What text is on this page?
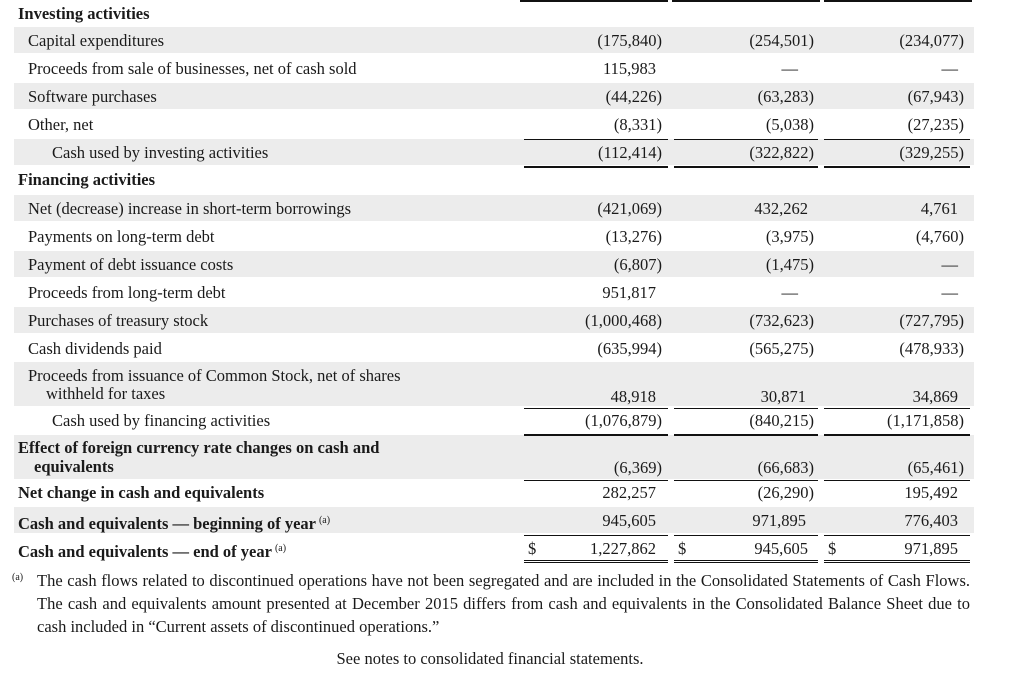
Investing activities
Capital expenditures	(175,840)	(254,501)	(234,077)
Proceeds from sale of businesses, net of cash sold	115,983	—	—
Software purchases	(44,226)	(63,283)	(67,943)
Other, net	(8,331)	(5,038)	(27,235)
Cash used by investing activities	(112,414)	(322,822)	(329,255)
Financing activities
Net (decrease) increase in short-term borrowings	(421,069)	432,262	4,761
Payments on long-term debt	(13,276)	(3,975)	(4,760)
Payment of debt issuance costs	(6,807)	(1,475)	—
Proceeds from long-term debt	951,817	—	—
Purchases of treasury stock	(1,000,468)	(732,623)	(727,795)
Cash dividends paid	(635,994)	(565,275)	(478,933)
Proceeds from issuance of Common Stock, net of shares
withheld for taxes	48,918	30,871	34,869
Cash used by financing activities	(1,076,879)	(840,215)	(1,171,858)
Effect of foreign currency rate changes on cash and
equivalents	(6,369)	(66,683)	(65,461)
Net change in cash and equivalents	282,257	(26,290)	195,492
Cash and equivalents — beginning of year $^{(a)}$	945,605	971,895	776,403
Cash and equivalents — end of year $^{(a)}$	$	1,227,862 $	945,605 $	971,895
(a) The cash flows related to discontinued operations have not been segregated and are included in the Consolidated Statements of Cash Flows. The cash and equivalents amount presented at December 2015 differs from cash and equivalents in the Consolidated Balance Sheet due to cash included in “Current assets of discontinued operations.”
See notes to consolidated financial statements.
